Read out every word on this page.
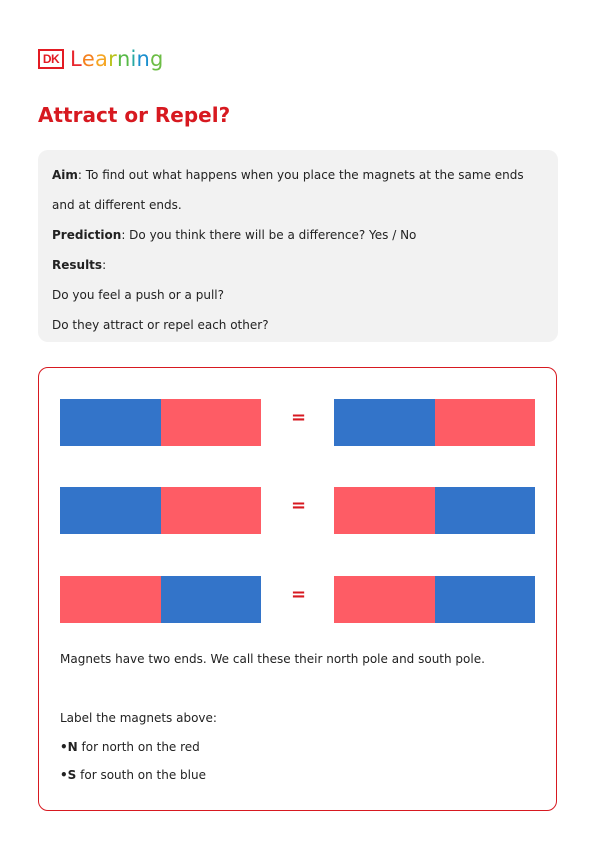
DK Learning
Attract or Repel?

Aim: To find out what happens when you place the magnets at the same ends

and at different ends.

Prediction: Do you think there will be a difference? Yes / No

Results:

Do you feel a push or a pull?

Do they attract or repel each other?

=
=
=

Magnets have two ends. We call these their north pole and south pole.

Label the magnets above:

•N for north on the red

•S for south on the blue
